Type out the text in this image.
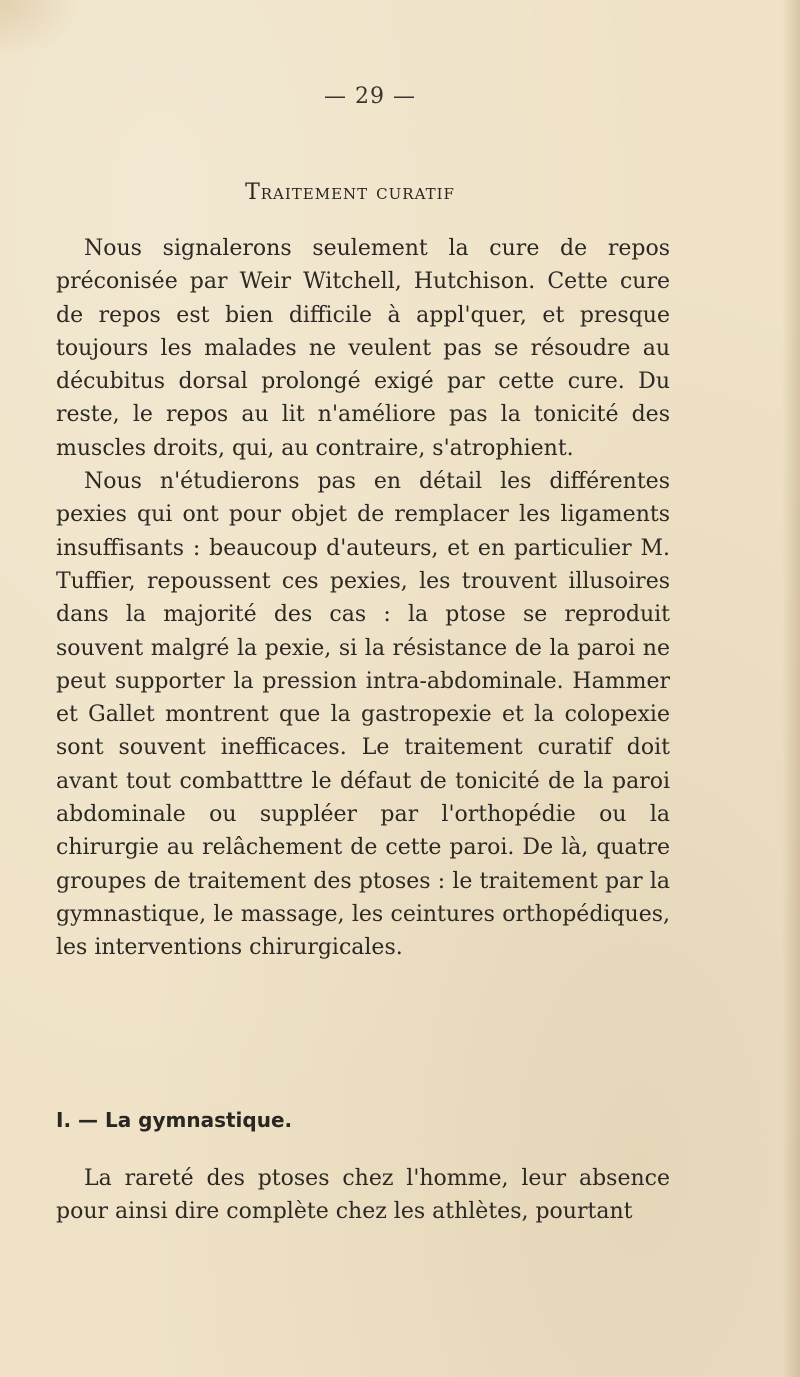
— 29 —
Traitement curatif

Nous signalerons seulement la cure de repos préconisée par Weir Witchell, Hutchison. Cette cure de repos est bien difficile à appl'quer, et presque toujours les malades ne veulent pas se résoudre au décubitus dorsal prolongé exigé par cette cure. Du reste, le repos au lit n'améliore pas la tonicité des muscles droits, qui, au contraire, s'atrophient.

Nous n'étudierons pas en détail les différentes pexies qui ont pour objet de remplacer les ligaments insuffisants : beaucoup d'auteurs, et en particulier M. Tuffier, repoussent ces pexies, les trouvent illusoires dans la majorité des cas : la ptose se reproduit souvent malgré la pexie, si la résistance de la paroi ne peut supporter la pression intra-abdominale. Hammer et Gallet montrent que la gastropexie et la colopexie sont souvent inefficaces. Le traitement curatif doit avant tout combatttre le défaut de tonicité de la paroi abdominale ou suppléer par l'orthopédie ou la chirurgie au relâchement de cette paroi. De là, quatre groupes de traitement des ptoses : le traitement par la gymnastique, le massage, les ceintures orthopédiques, les interventions chirurgicales.

I. — La gymnastique.

La rareté des ptoses chez l'homme, leur absence pour ainsi dire complète chez les athlètes, pourtant
